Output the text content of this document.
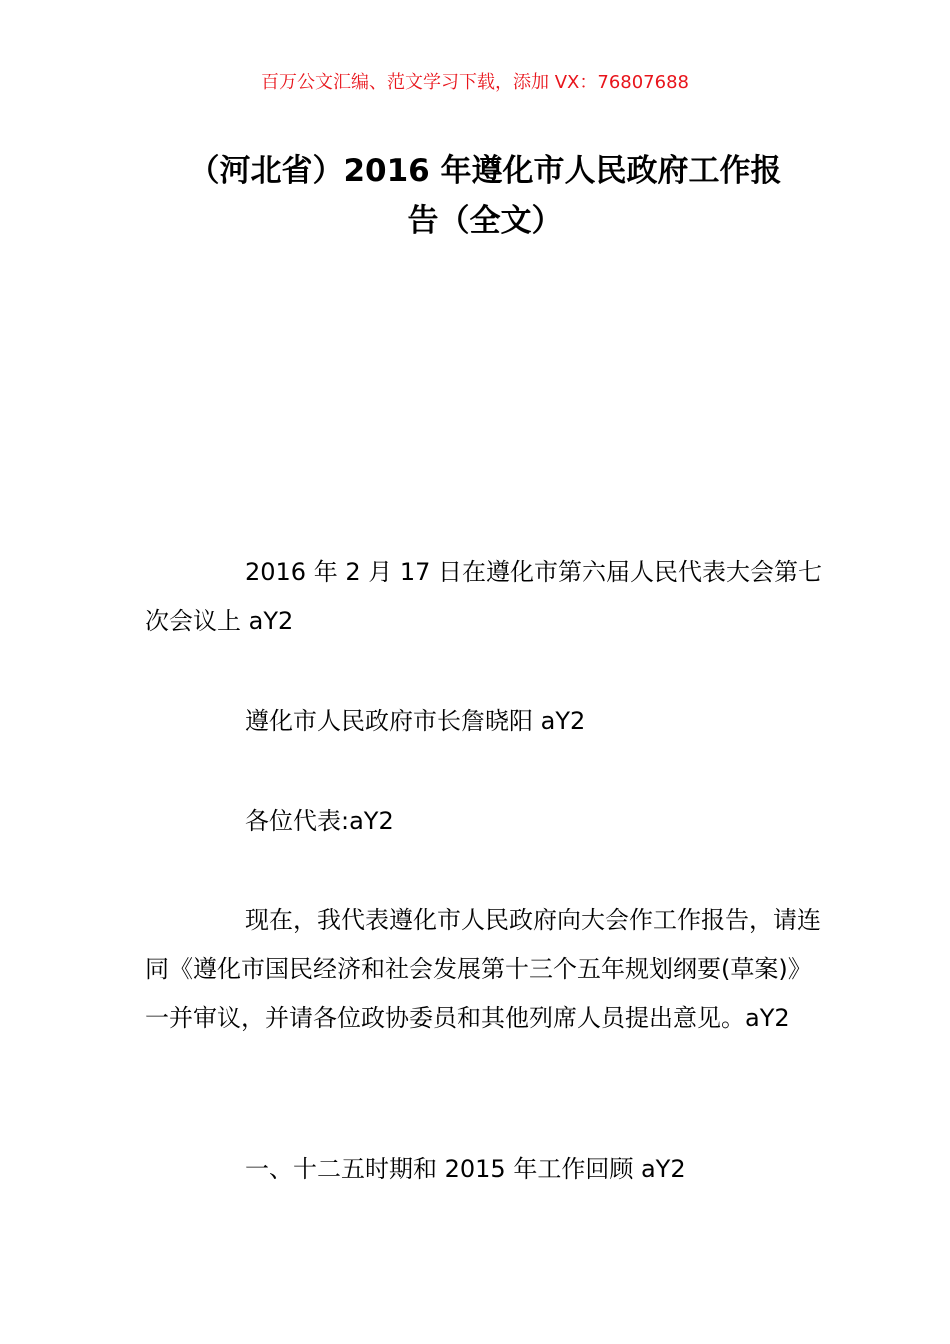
百万公文汇编、范文学习下载，添加 VX：76807688
（河北省）2016 年遵化市人民政府工作报
告（全文）

2016 年 2 月 17 日在遵化市第六届人民代表大会第七次会议上 aY2

遵化市人民政府市长詹晓阳 aY2

各位代表:aY2

现在，我代表遵化市人民政府向大会作工作报告，请连同《遵化市国民经济和社会发展第十三个五年规划纲要(草案)》一并审议，并请各位政协委员和其他列席人员提出意见。aY2

一、十二五时期和 2015 年工作回顾 aY2
